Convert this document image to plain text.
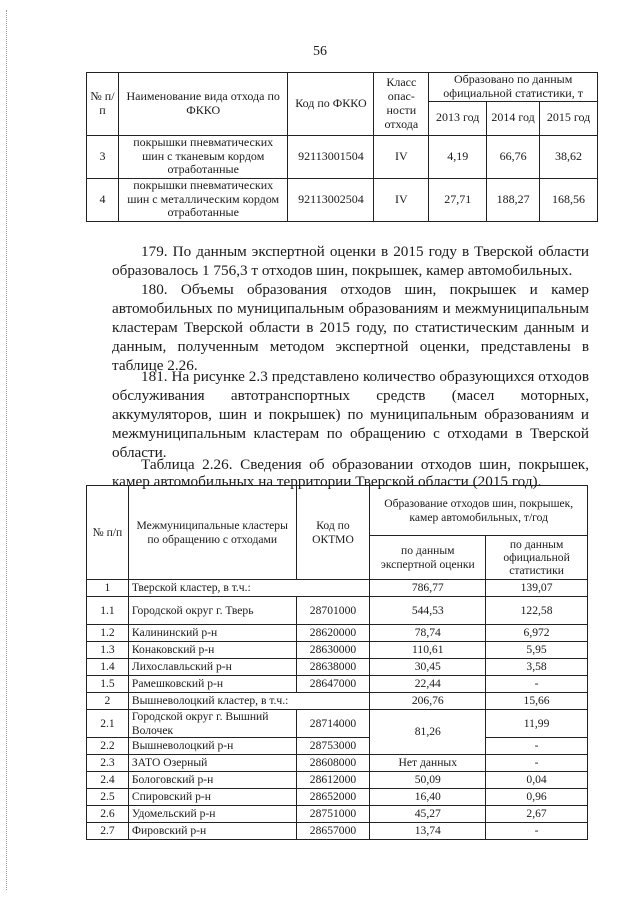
56
№ п/п	Наименование вида отхода по ФККО	Код по ФККО	Класс опас-ности отхода	Образовано по данным официальной статистики, т		
				2013 год	2014 год	2015 год
3	покрышки пневматических шин с тканевым кордом отработанные	92113001504	IV	4,19	66,76	38,62
4	покрышки пневматических шин с металлическим кордом отработанные	92113002504	IV	27,71	188,27	168,56

179. По данным экспертной оценки в 2015 году в Тверской области образовалось 1 756,3 т отходов шин, покрышек, камер автомобильных.

180. Объемы образования отходов шин, покрышек и камер автомобильных по муниципальным образованиям и межмуниципальным кластерам Тверской области в 2015 году, по статистическим данным и данным, полученным методом экспертной оценки, представлены в таблице 2.26.

181. На рисунке 2.3 представлено количество образующихся отходов обслуживания автотранспортных средств (масел моторных, аккумуляторов, шин и покрышек) по муниципальным образованиям и межмуниципальным кластерам по обращению с отходами в Тверской области.

Таблица 2.26. Сведения об образовании отходов шин, покрышек, камер автомобильных на территории Тверской области (2015 год).

№ п/п	Межмуниципальные кластеры по обращению с отходами	Код по ОКТМО	Образование отходов шин, покрышек, камер автомобильных, т/год	
			по данным экспертной оценки	по данным официальной статистики
1	Тверской кластер, в т.ч.:		786,77	139,07
1.1	Городской округ г. Тверь	28701000	544,53	122,58
1.2	Калининский р-н	28620000	78,74	6,972
1.3	Конаковский р-н	28630000	110,61	5,95
1.4	Лихославльский р-н	28638000	30,45	3,58
1.5	Рамешковский р-н	28647000	22,44	-
2	Вышневолоцкий кластер, в т.ч.:		206,76	15,66
2.1	Городской округ г. Вышний Волочек	28714000	81,26	11,99
2.2	Вышневолоцкий р-н	28753000		-
2.3	ЗАТО Озерный	28608000	Нет данных	-
2.4	Бологовский р-н	28612000	50,09	0,04
2.5	Спировский р-н	28652000	16,40	0,96
2.6	Удомельский р-н	28751000	45,27	2,67
2.7	Фировский р-н	28657000	13,74	-
